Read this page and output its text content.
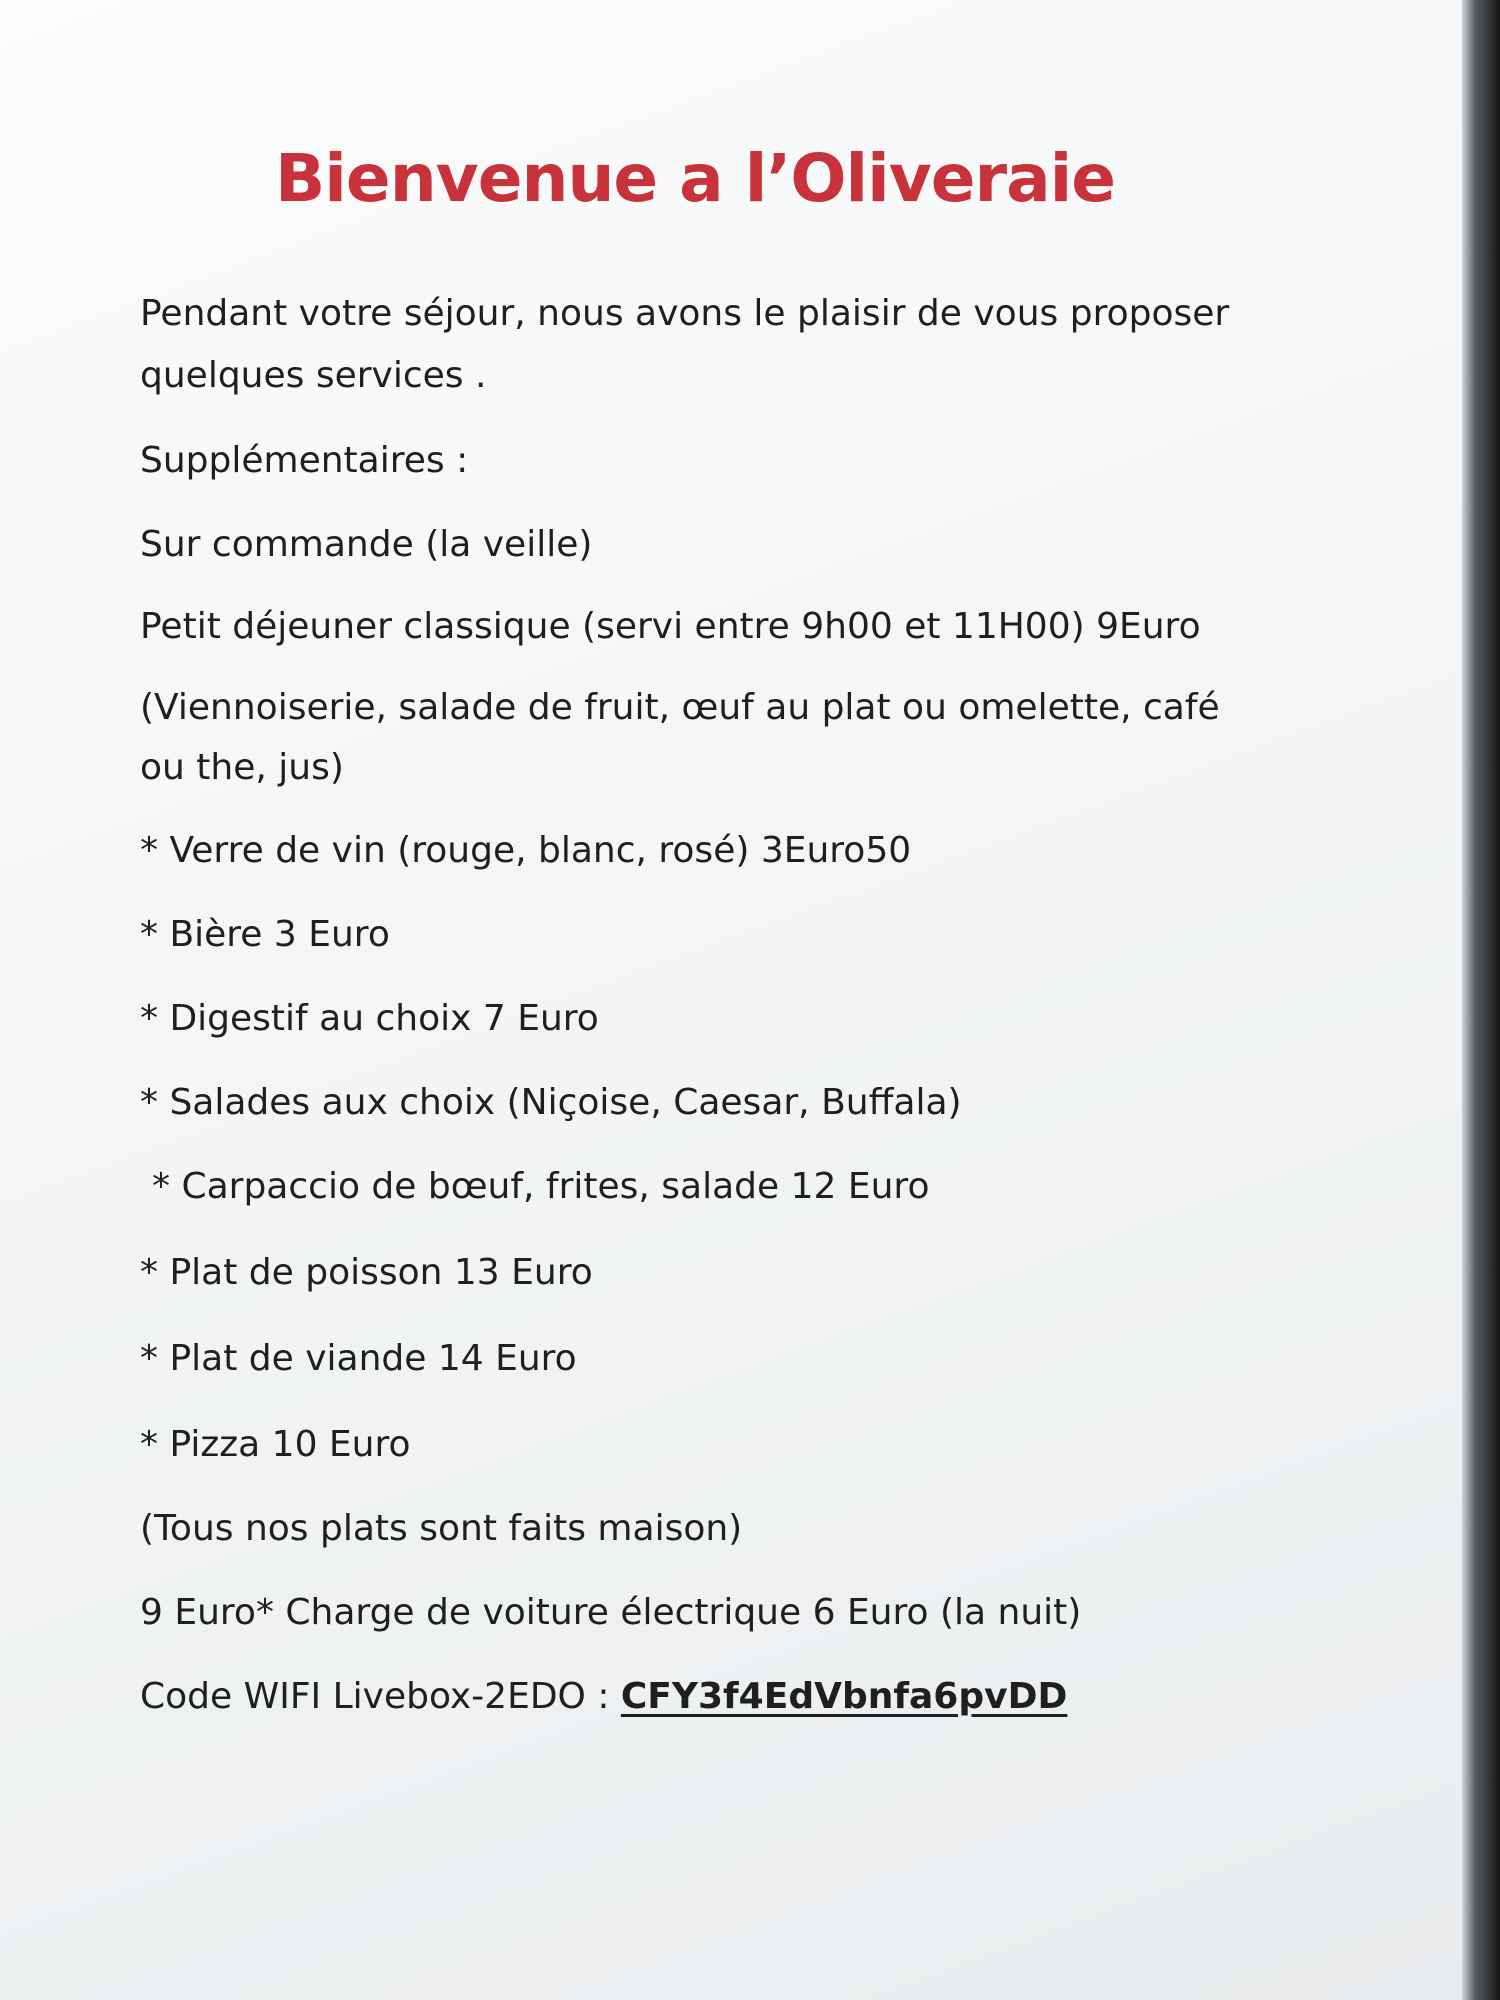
Bienvenue a l’Oliveraie

Pendant votre séjour, nous avons le plaisir de vous proposer

quelques services .

Supplémentaires :

Sur commande (la veille)

Petit déjeuner classique (servi entre 9h00 et 11H00) 9Euro

(Viennoiserie, salade de fruit, œuf au plat ou omelette, café

ou the, jus)

* Verre de vin (rouge, blanc, rosé) 3Euro50

* Bière 3 Euro

* Digestif au choix 7 Euro

* Salades aux choix (Niçoise, Caesar, Buffala)

* Carpaccio de bœuf, frites, salade 12 Euro

* Plat de poisson 13 Euro

* Plat de viande 14 Euro

* Pizza 10 Euro

(Tous nos plats sont faits maison)

9 Euro* Charge de voiture électrique 6 Euro (la nuit)

Code WIFI Livebox-2EDO : CFY3f4EdVbnfa6pvDD
